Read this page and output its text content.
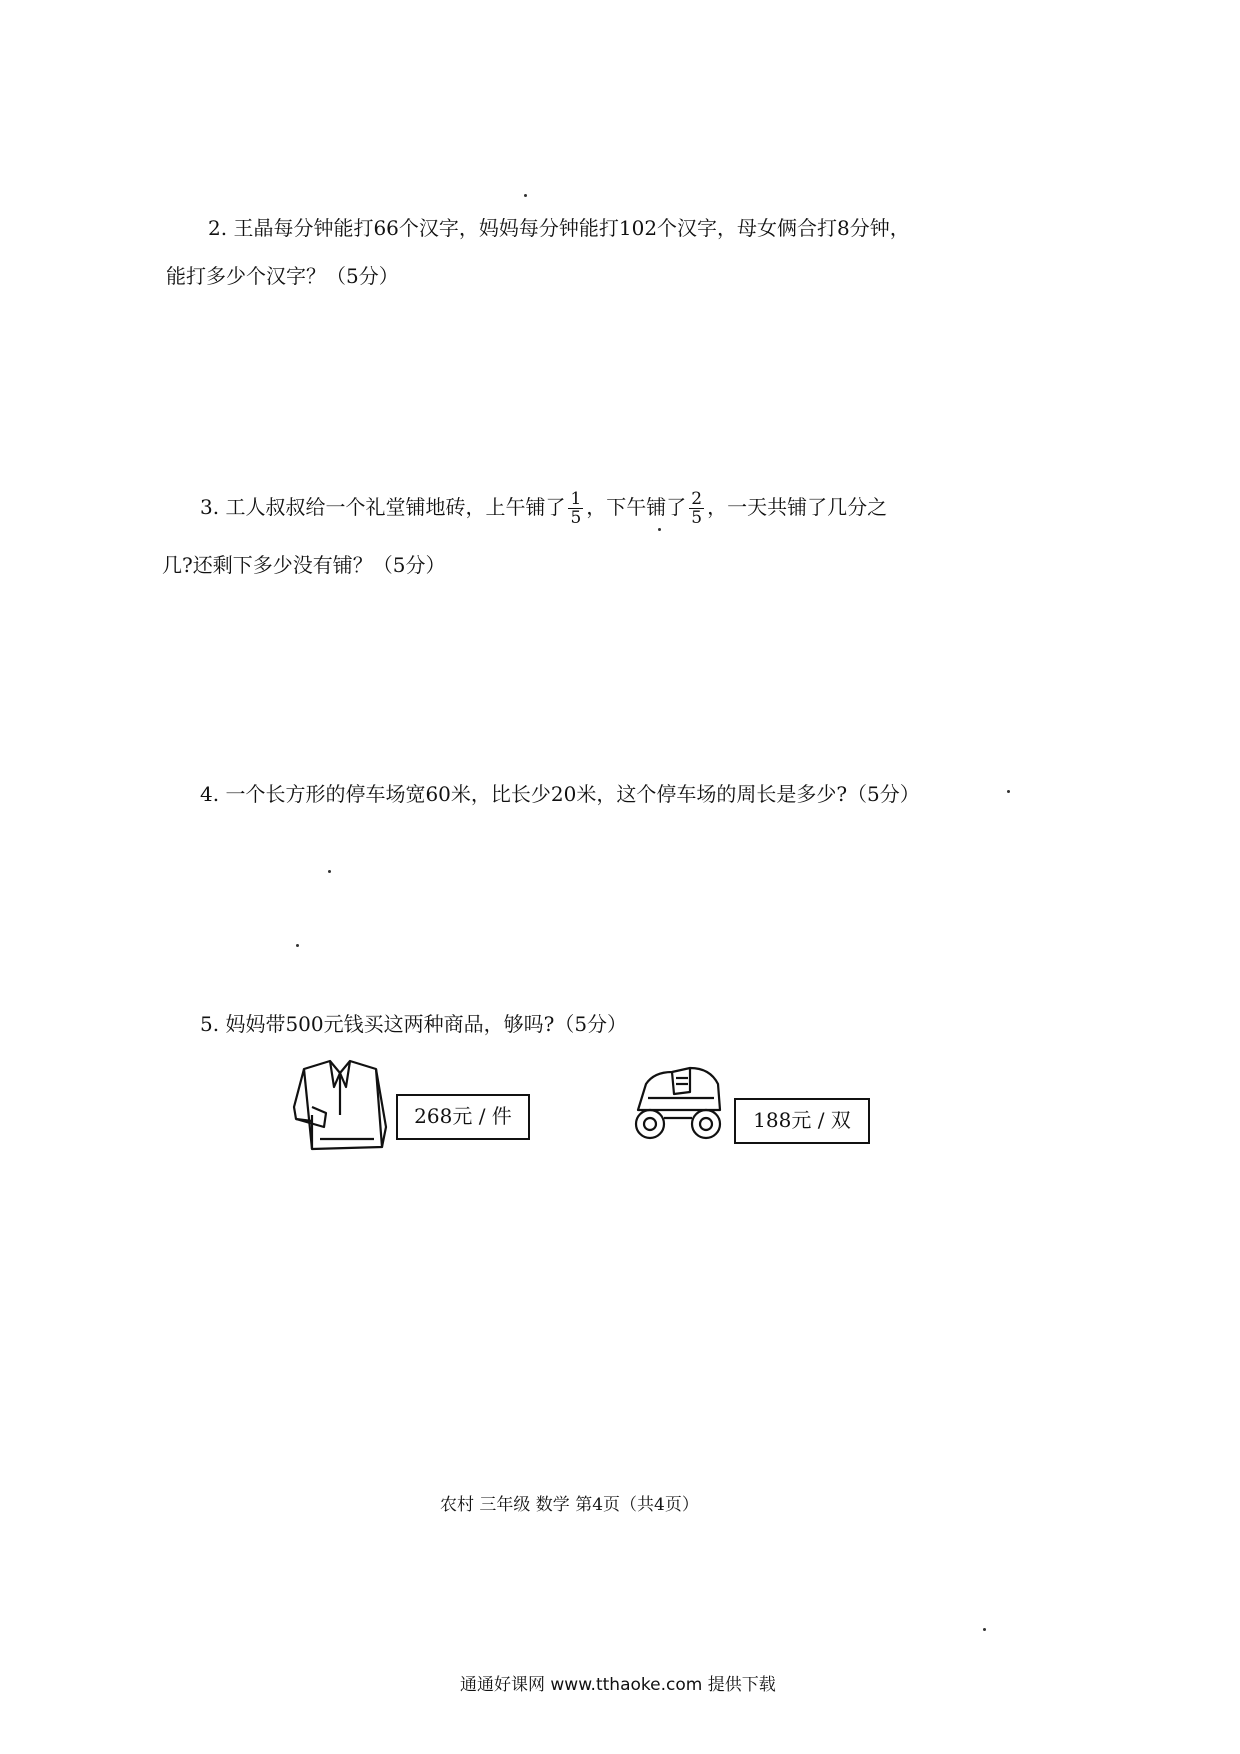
2. 王晶每分钟能打66个汉字，妈妈每分钟能打102个汉字，母女俩合打8分钟，
能打多少个汉字？（5分）
3. 工人叔叔给一个礼堂铺地砖，上午铺了 $\frac{1}{5}$ ，下午铺了 $\frac{2}{5}$ ，一天共铺了几分之
几?还剩下多少没有铺？（5分）
4. 一个长方形的停车场宽60米，比长少20米，这个停车场的周长是多少?（5分）
5. 妈妈带500元钱买这两种商品，够吗?（5分）
268元 / 件	188元 / 双
农村 三年级 数学 第4页（共4页）
通通好课网 www.tthaoke.com 提供下载
